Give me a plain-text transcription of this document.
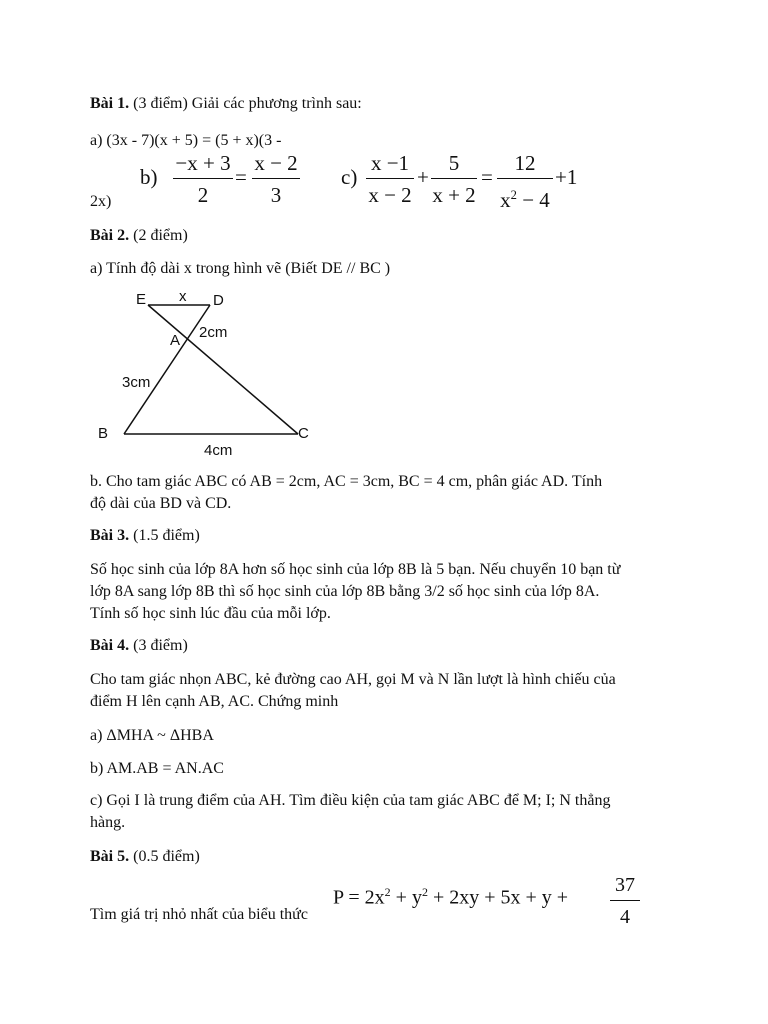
Bài 1. (3 điểm) Giải các phương trình sau:
a) (3x - 7)(x + 5) = (5 + x)(3 -
2x)
$b) \frac{-x + 3}{2} = \frac{x - 2}{3} c) \frac{x -1}{x - 2} + \frac{5}{x + 2} = \frac{12}{x^2 - 4} +1$
Bài 2. (2 điểm)
a) Tính độ dài x trong hình vẽ (Biết DE // BC )
E x D
A 2cm
3cm
B	C
4cm
b. Cho tam giác ABC có AB = 2cm, AC = 3cm, BC = 4 cm, phân giác AD. Tính
độ dài của BD và CD.
Bài 3. (1.5 điểm)
Số học sinh của lớp 8A hơn số học sinh của lớp 8B là 5 bạn. Nếu chuyển 10 bạn từ
lớp 8A sang lớp 8B thì số học sinh của lớp 8B bằng 3/2 số học sinh của lớp 8A.
Tính số học sinh lúc đầu của mỗi lớp.
Bài 4. (3 điểm)
Cho tam giác nhọn ABC, kẻ đường cao AH, gọi M và N lần lượt là hình chiếu của
điểm H lên cạnh AB, AC. Chứng minh
a) ΔMHA ~ ΔHBA
b) AM.AB = AN.AC
c) Gọi I là trung điểm của AH. Tìm điều kiện của tam giác ABC để M; I; N thẳng
hàng.
Bài 5. (0.5 điểm)
Tìm giá trị nhỏ nhất của biểu thức
$P = 2x^2 + y^2 + 2xy + 5x + y + \frac{37}{4}$
